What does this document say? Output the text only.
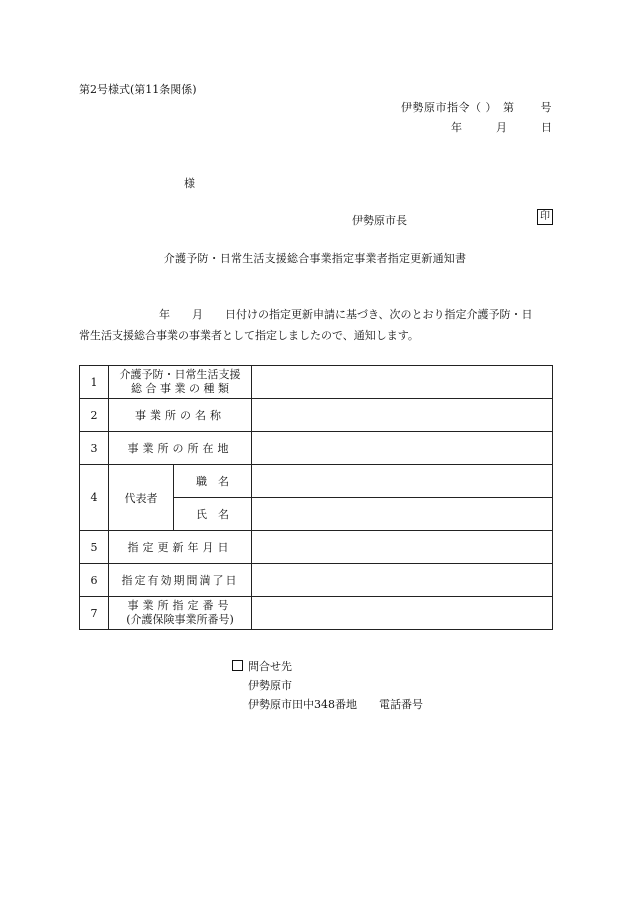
第2号様式(第11条関係)
伊勢原市指令（ ） 第 号
年	月	日
様
伊勢原市長	印
介護予防・日常生活支援総合事業指定事業者指定更新通知書
年 月 日付けの指定更新申請に基づき、次のとおり指定介護予防・日
常生活支援総合事業の事業者として指定しましたので、通知します。
1	介護予防・日常生活支援
総 合 事 業 の 種 類		

2	事業所の名称		
3	事業所の所在地		
4	代表者	職　名	
		氏　名	
5	指定更新年月日		
6	指定有効期間満了日		
7	事業所指定番号
(介護保険事業所番号)		

問合せ先
伊勢原市
伊勢原市田中348番地 電話番号
